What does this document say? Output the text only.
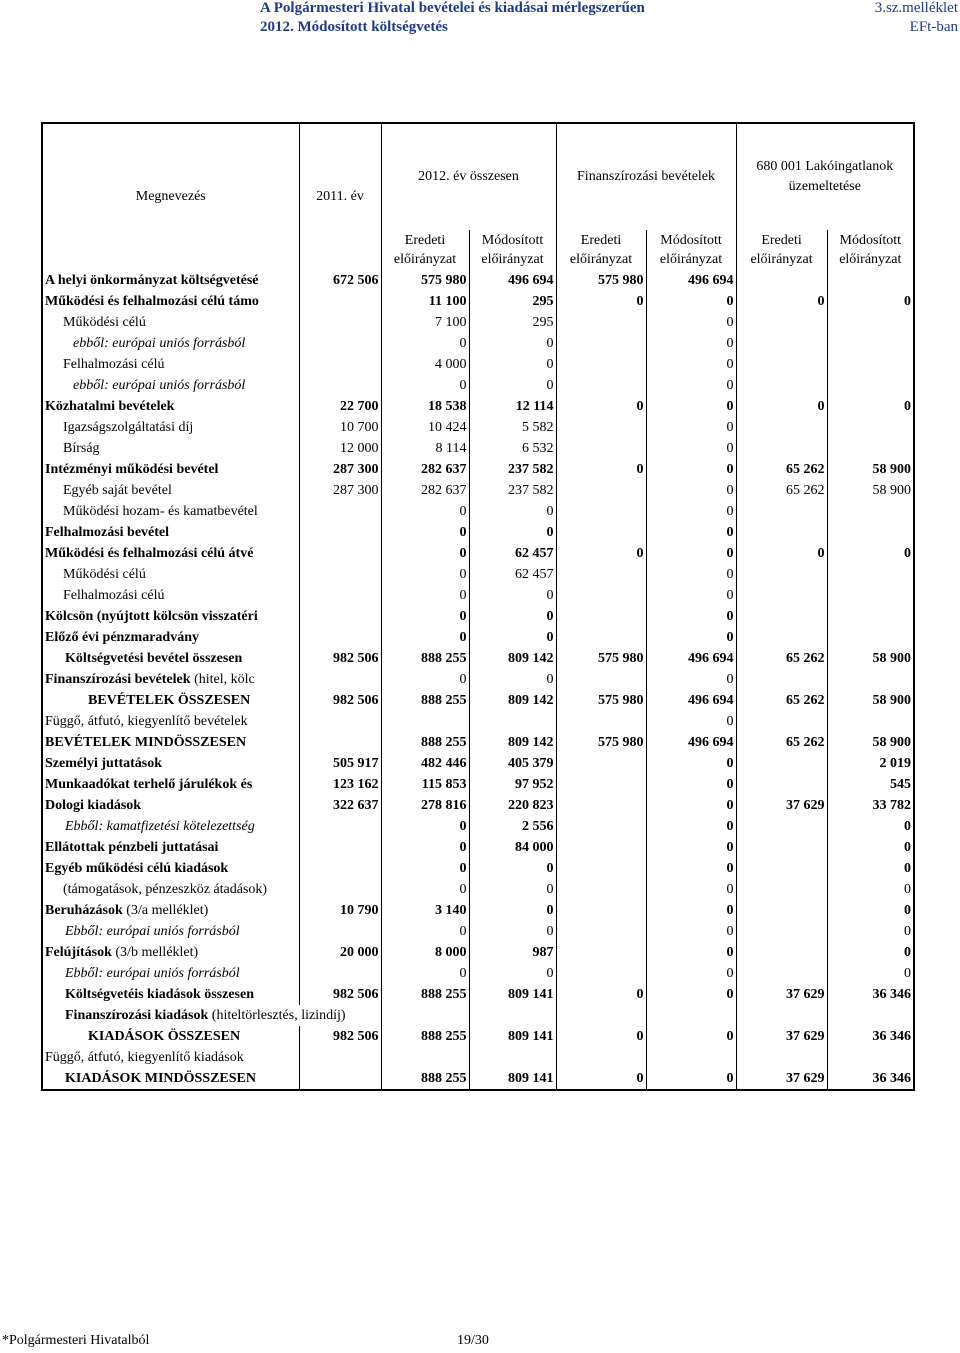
A Polgármesteri Hivatal bevételei és kiadásai mérlegszerűen
2012. Módosított költségvetés
3.sz.melléklet
EFt-ban
Megnevezés	2011. év	2012. év összesen		Finanszírozási bevételek		680 001 Lakóingatlanok üzemeltetése	
		Eredeti előirányzat	Módosított előirányzat	Eredeti előirányzat	Módosított előirányzat	Eredeti előirányzat	Módosított előirányzat
A helyi önkormányzat költségvetésé	672 506	575 980	496 694	575 980	496 694		
Működési és felhalmozási célú támo		11 100	295	0	0	0	0
Működési célú		7 100	295		0		
ebből: európai uniós forrásból		0	0		0		
Felhalmozási célú		4 000	0		0		
ebből: európai uniós forrásból		0	0		0		
Közhatalmi bevételek	22 700	18 538	12 114	0	0	0	0
Igazságszolgáltatási díj	10 700	10 424	5 582		0		
Bírság	12 000	8 114	6 532		0		
Intézményi működési bevétel	287 300	282 637	237 582	0	0	65 262	58 900
Egyéb saját bevétel	287 300	282 637	237 582		0	65 262	58 900
Működési hozam- és kamatbevétel		0	0		0		
Felhalmozási bevétel		0	0		0		
Működési és felhalmozási célú átvé		0	62 457	0	0	0	0
Működési célú		0	62 457		0		
Felhalmozási célú		0	0		0		
Kölcsön (nyújtott kölcsön visszatéri		0	0		0		
Előző évi pénzmaradvány		0	0		0		
Költségvetési bevétel összesen	982 506	888 255	809 142	575 980	496 694	65 262	58 900
Finanszírozási bevételek (hitel, kölc		0	0		0		
BEVÉTELEK ÖSSZESEN	982 506	888 255	809 142	575 980	496 694	65 262	58 900
Függő, átfutó, kiegyenlítő bevételek					0		
BEVÉTELEK MINDÖSSZESEN		888 255	809 142	575 980	496 694	65 262	58 900
Személyi juttatások	505 917	482 446	405 379		0		2 019
Munkaadókat terhelő járulékok és	123 162	115 853	97 952		0		545
Dologi kiadások	322 637	278 816	220 823		0	37 629	33 782
Ebből: kamatfizetési kötelezettség		0	2 556		0		0
Ellátottak pénzbeli juttatásai		0	84 000		0		0
Egyéb működési célú kiadások		0	0		0		0
(támogatások, pénzeszköz átadások)		0	0		0		0
Beruházások (3/a melléklet)	10 790	3 140	0		0		0
Ebből: európai uniós forrásból		0	0		0		0
Felújítások (3/b melléklet)	20 000	8 000	987		0		0
Ebből: európai uniós forrásból		0	0		0		0
Költségvetéis kiadások összesen	982 506	888 255	809 141	0	0	37 629	36 346
Finanszírozási kiadások (hiteltörlesztés, lizindíj)							
KIADÁSOK ÖSSZESEN	982 506	888 255	809 141	0	0	37 629	36 346
Függő, átfutó, kiegyenlítő kiadások							
KIADÁSOK MINDÖSSZESEN		888 255	809 141	0	0	37 629	36 346
*Polgármesteri Hivatalból	19/30
